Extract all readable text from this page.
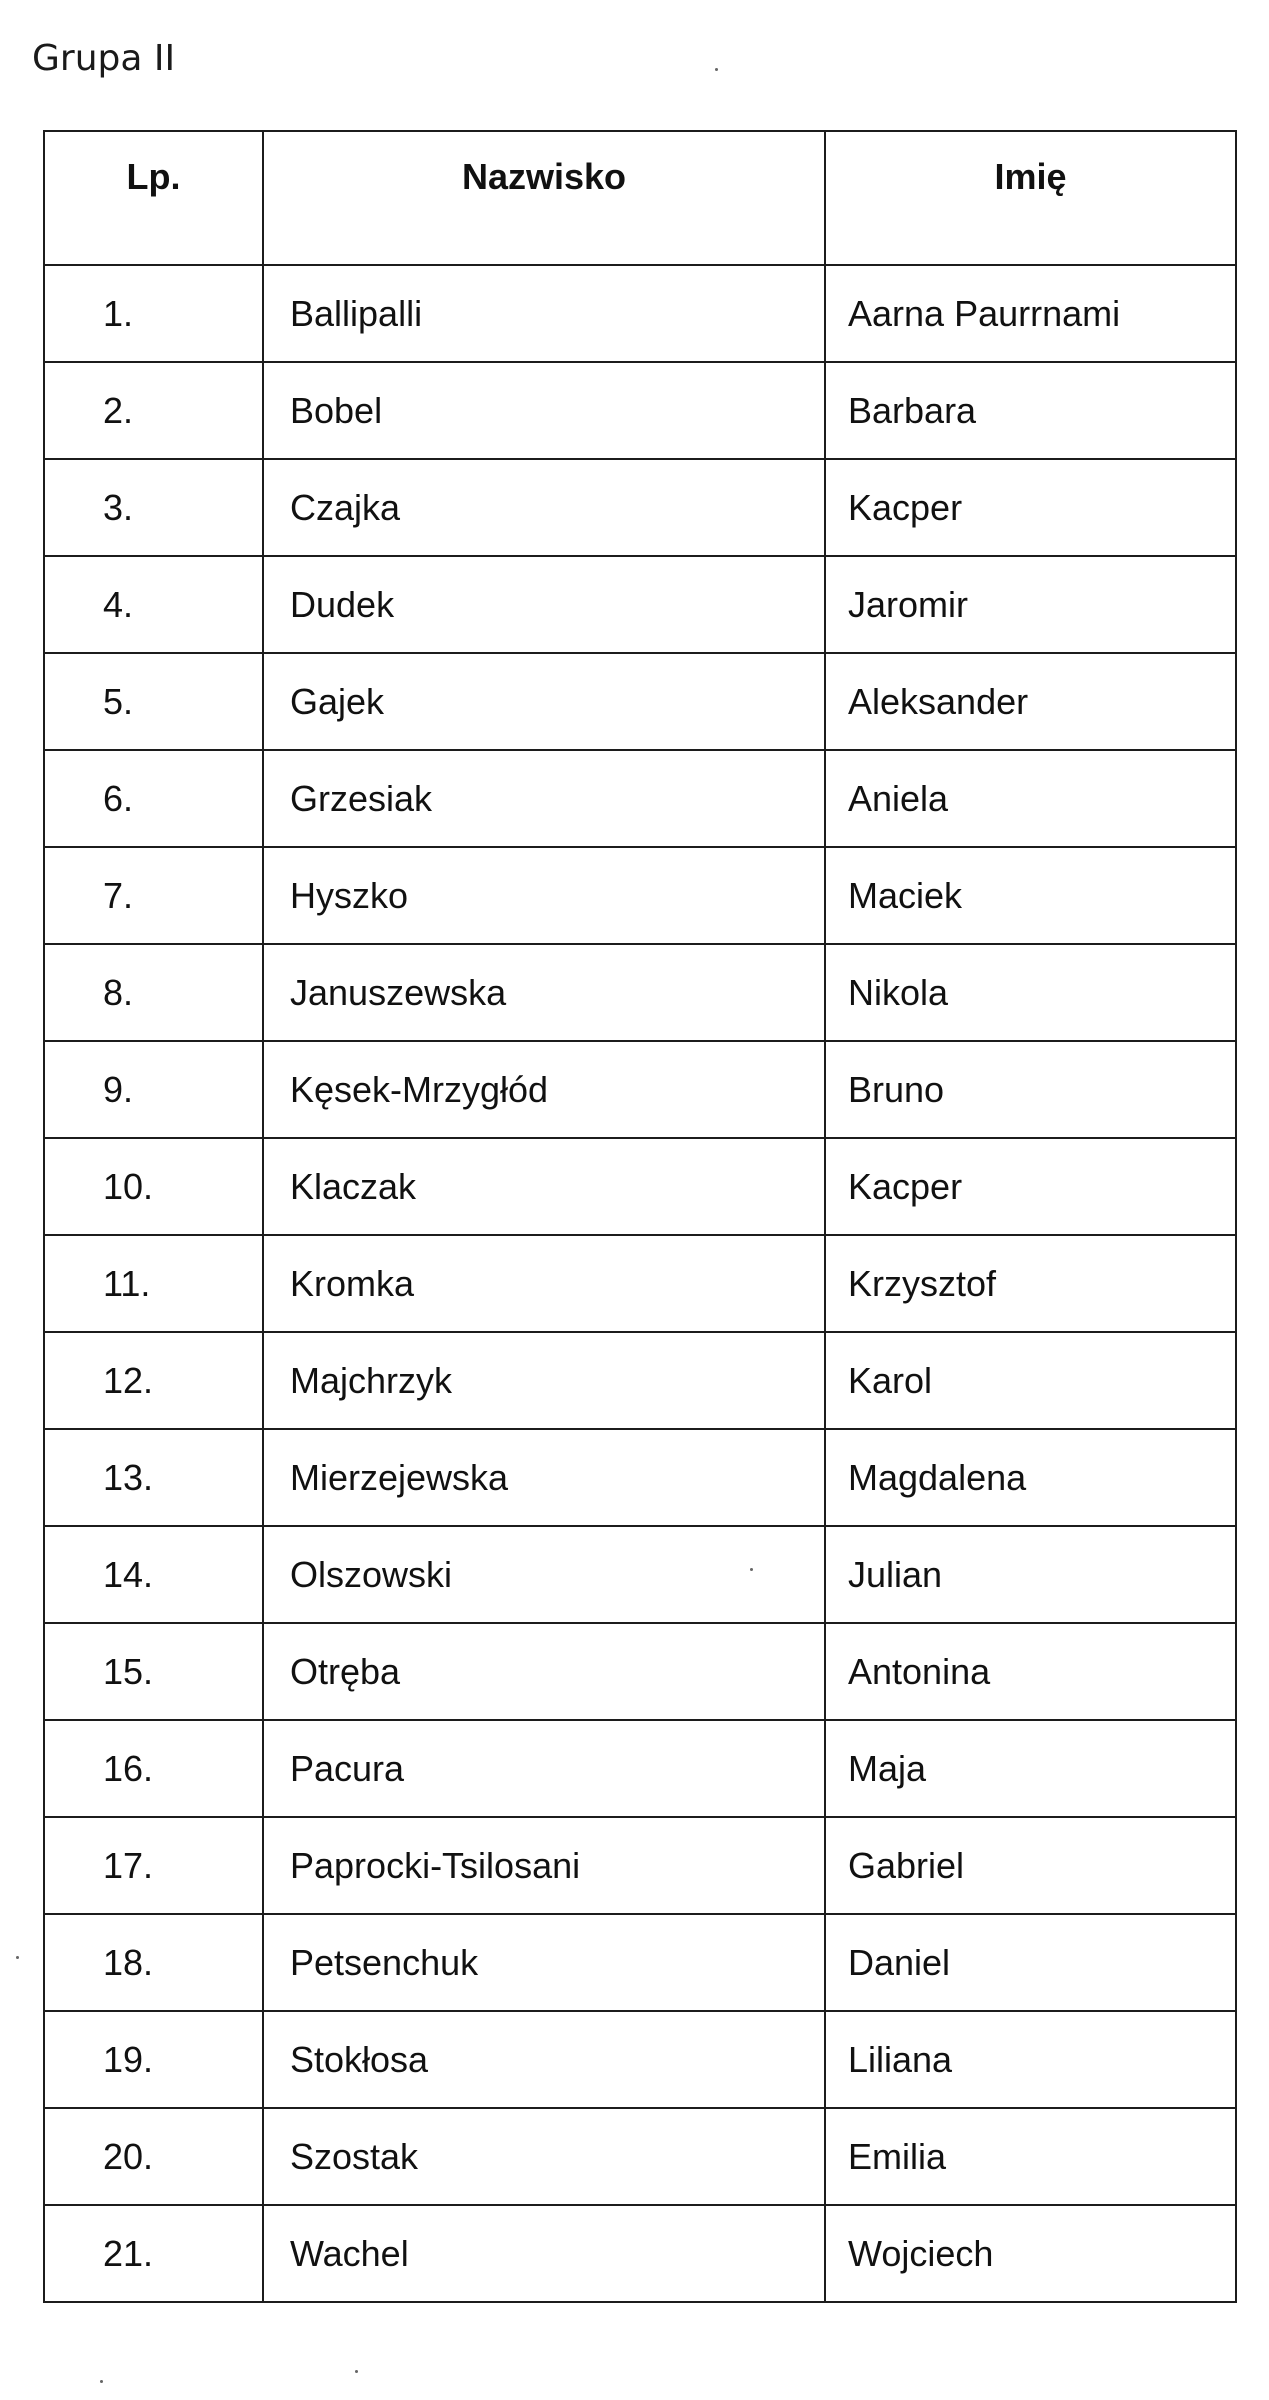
Grupa II
Lp.	Nazwisko	Imię
1.	Ballipalli	Aarna Paurrnami
2.	Bobel	Barbara
3.	Czajka	Kacper
4.	Dudek	Jaromir
5.	Gajek	Aleksander
6.	Grzesiak	Aniela
7.	Hyszko	Maciek
8.	Januszewska	Nikola
9.	Kęsek-Mrzygłód	Bruno
10.	Klaczak	Kacper
11.	Kromka	Krzysztof
12.	Majchrzyk	Karol
13.	Mierzejewska	Magdalena
14.	Olszowski	Julian
15.	Otręba	Antonina
16.	Pacura	Maja
17.	Paprocki-Tsilosani	Gabriel
18.	Petsenchuk	Daniel
19.	Stokłosa	Liliana
20.	Szostak	Emilia
21.	Wachel	Wojciech
